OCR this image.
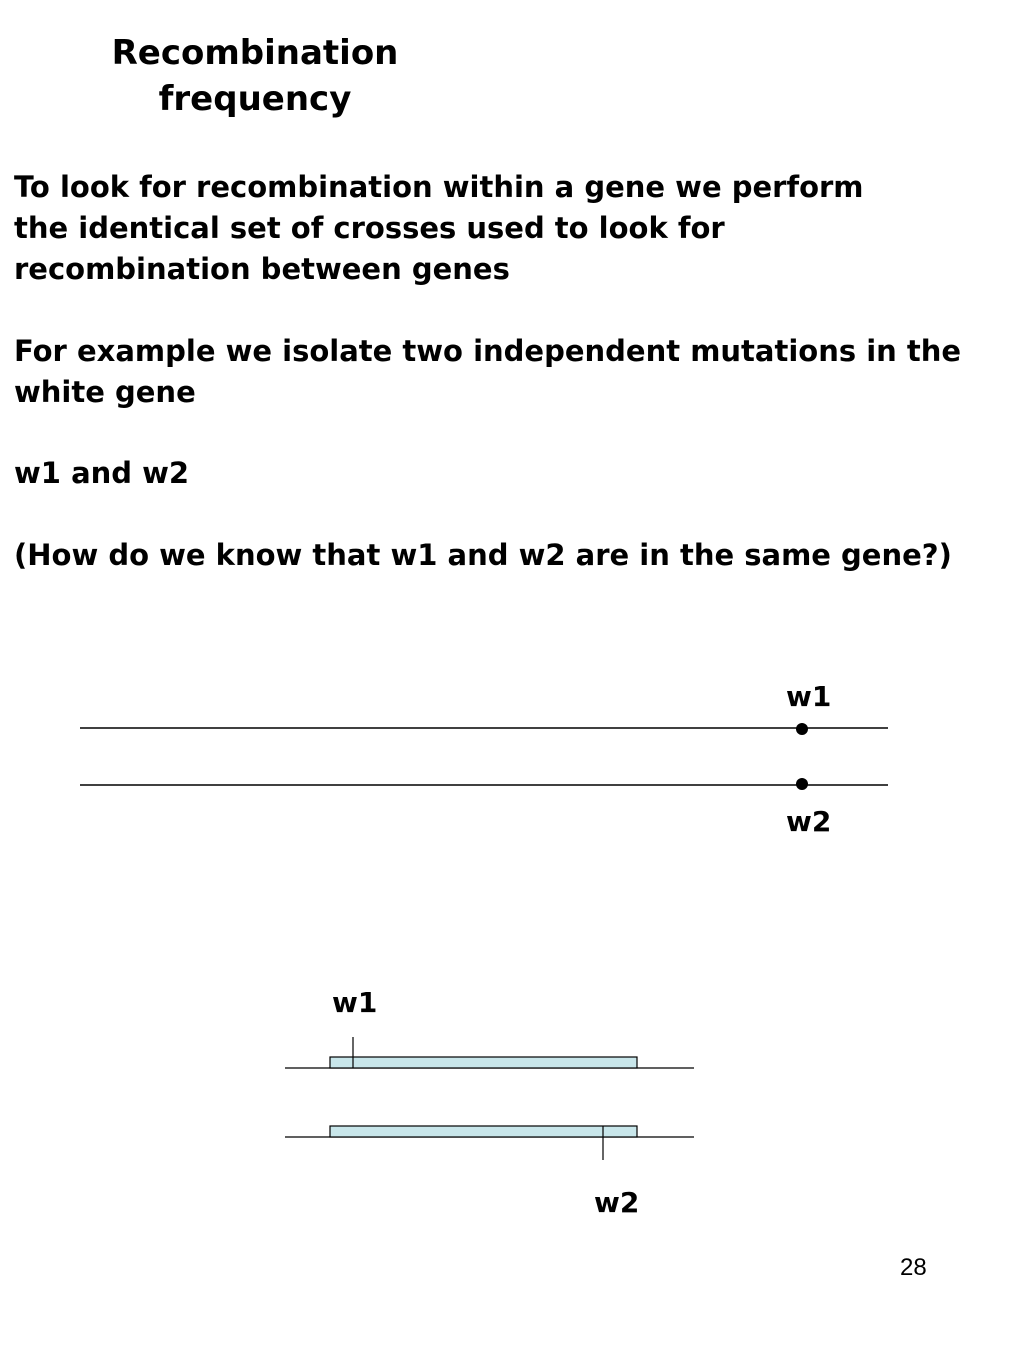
Recombination
frequency

To look for recombination within a gene we perform
the identical set of crosses used to look for
recombination between genes

For example we isolate two independent mutations in the
white gene

w1 and w2

(How do we know that w1 and w2 are in the same gene?)

w1
w2
w1
w2
28
